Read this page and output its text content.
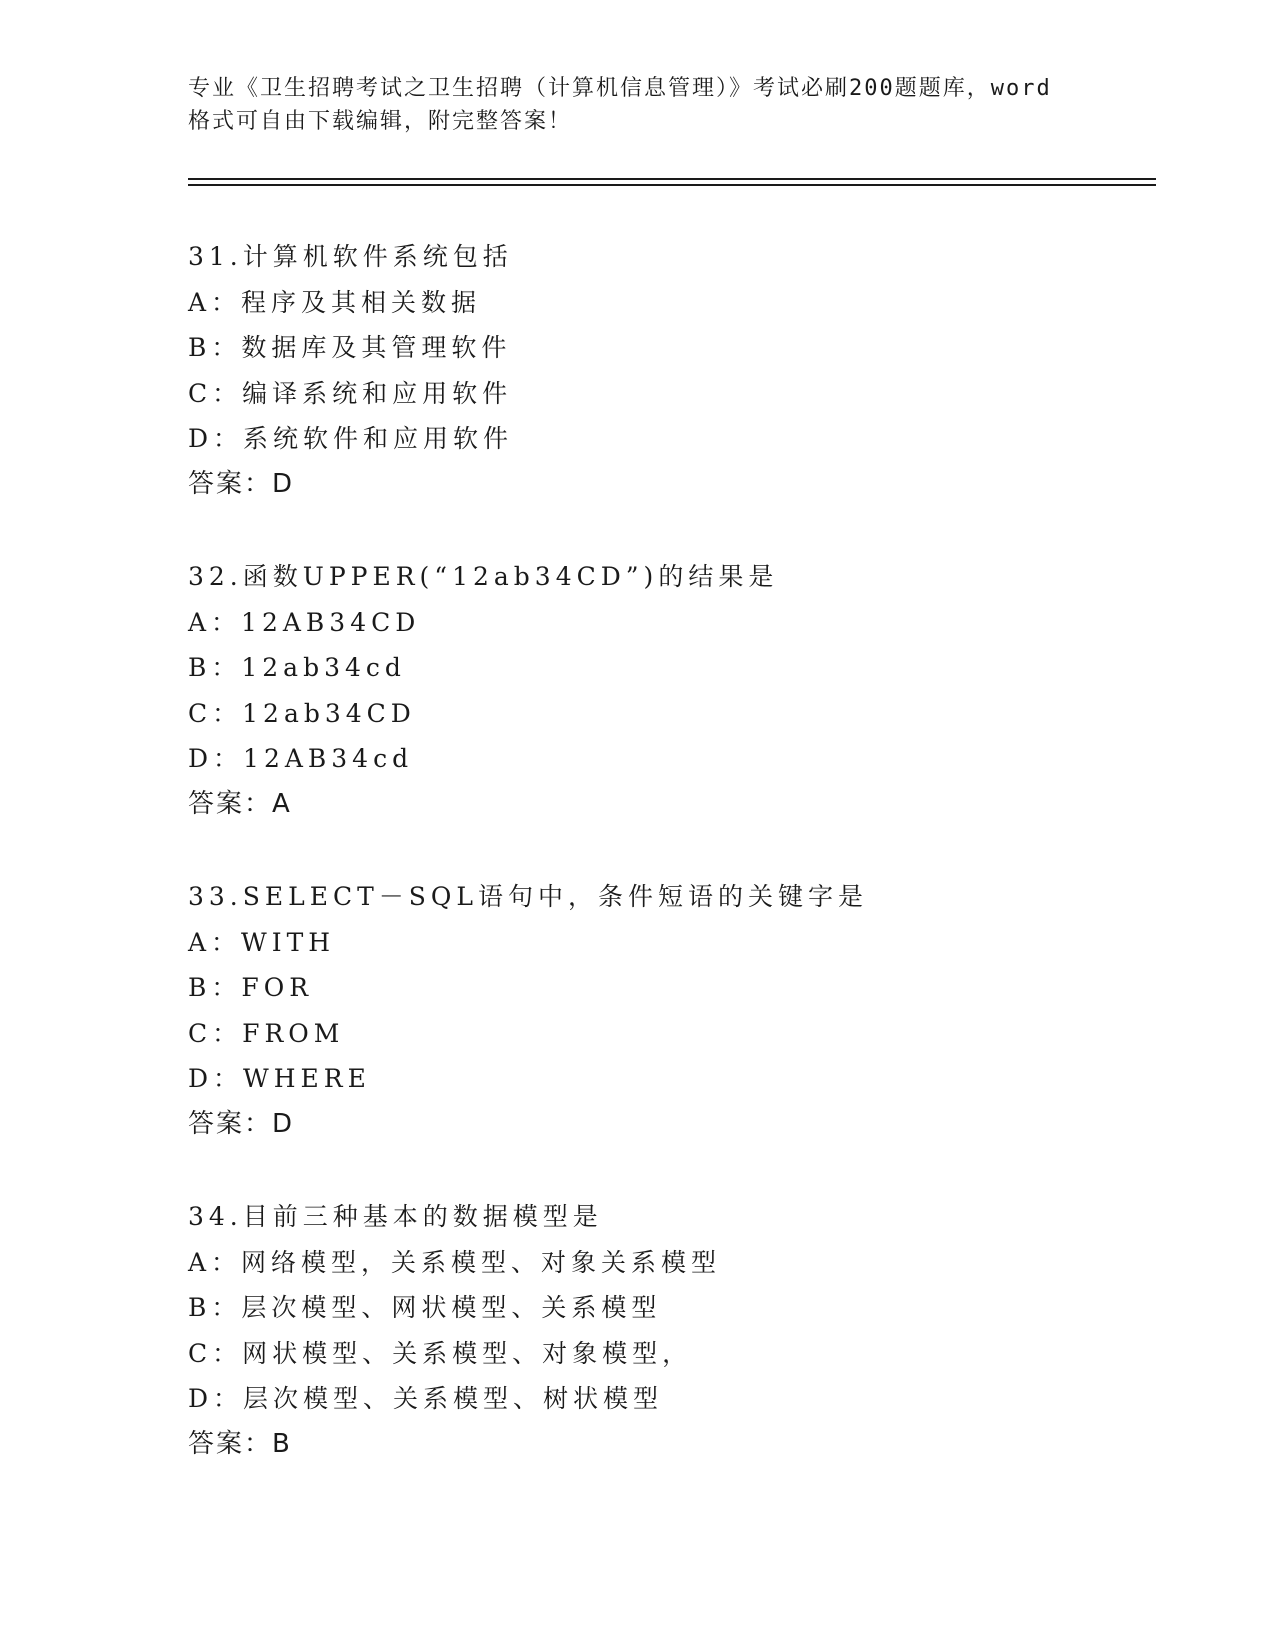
专业《卫生招聘考试之卫生招聘（计算机信息管理）》考试必刷200题题库，word
格式可自由下载编辑，附完整答案！
31.计算机软件系统包括
A：程序及其相关数据
B：数据库及其管理软件
C：编译系统和应用软件
D：系统软件和应用软件
答案：D
32.函数UPPER(“12ab34CD”)的结果是
A：12AB34CD
B：12ab34cd
C：12ab34CD
D：12AB34cd
答案：A
33.SELECT－SQL语句中，条件短语的关键字是
A：WITH
B：FOR
C：FROM
D：WHERE
答案：D
34.目前三种基本的数据模型是
A：网络模型，关系模型、对象关系模型
B：层次模型、网状模型、关系模型
C：网状模型、关系模型、对象模型，
D：层次模型、关系模型、树状模型
答案：B
